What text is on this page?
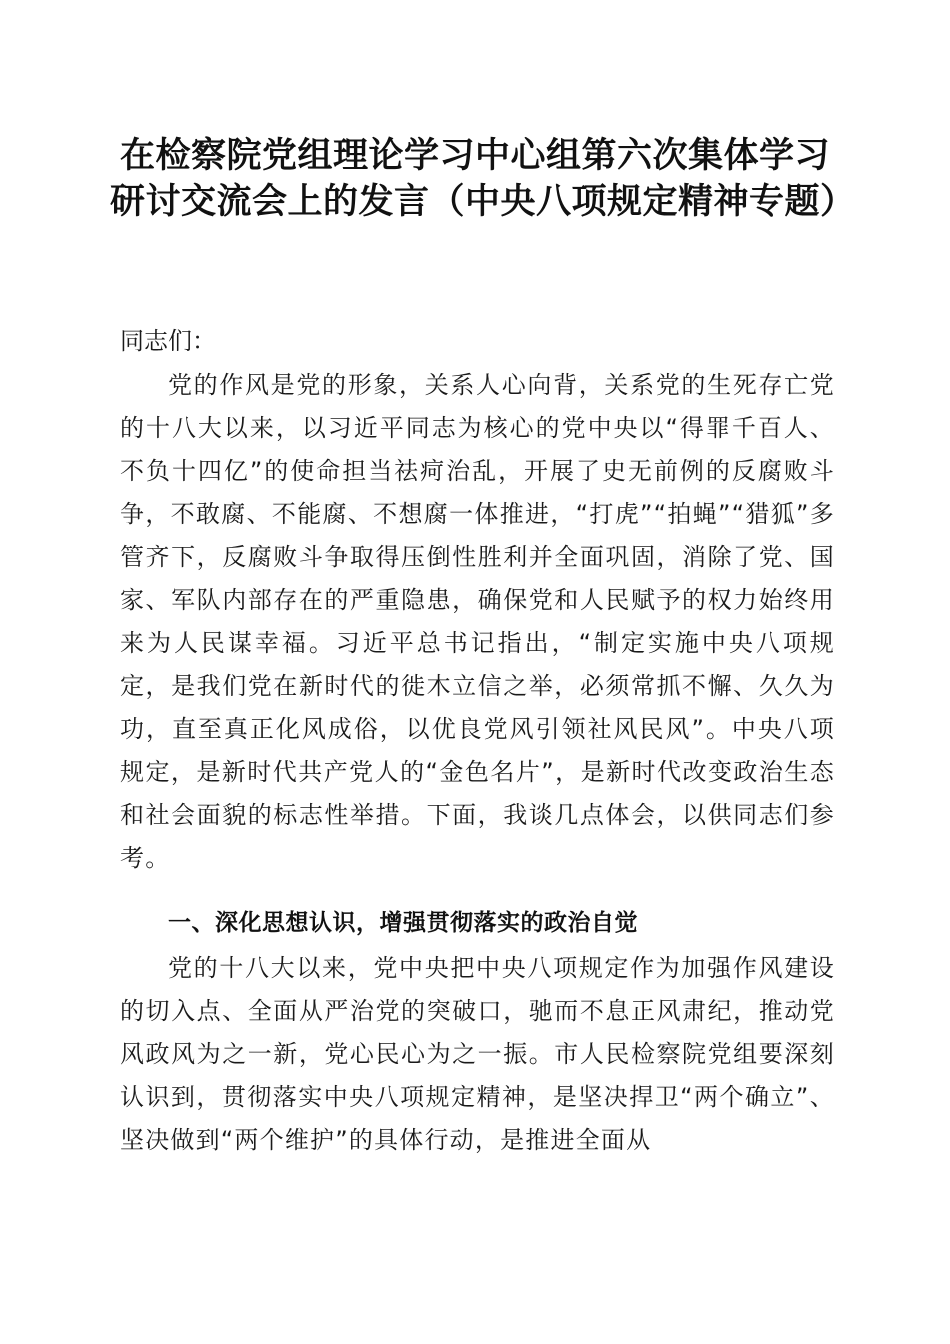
在检察院党组理论学习中心组第六次集体学习研讨交流会上的发言（中央八项规定精神专题）

同志们：

党的作风是党的形象，关系人心向背，关系党的生死存亡党的十八大以来，以习近平同志为核心的党中央以“得罪千百人、不负十四亿”的使命担当祛疴治乱，开展了史无前例的反腐败斗争，不敢腐、不能腐、不想腐一体推进，“打虎”“拍蝇”“猎狐”多管齐下，反腐败斗争取得压倒性胜利并全面巩固，消除了党、国家、军队内部存在的严重隐患，确保党和人民赋予的权力始终用来为人民谋幸福。习近平总书记指出，“制定实施中央八项规定，是我们党在新时代的徙木立信之举，必须常抓不懈、久久为功，直至真正化风成俗，以优良党风引领社风民风”。中央八项规定，是新时代共产党人的“金色名片”，是新时代改变政治生态和社会面貌的标志性举措。下面，我谈几点体会，以供同志们参考。

一、深化思想认识，增强贯彻落实的政治自觉

党的十八大以来，党中央把中央八项规定作为加强作风建设的切入点、全面从严治党的突破口，驰而不息正风肃纪，推动党风政风为之一新，党心民心为之一振。市人民检察院党组要深刻认识到，贯彻落实中央八项规定精神，是坚决捍卫“两个确立”、坚决做到“两个维护”的具体行动，是推进全面从
